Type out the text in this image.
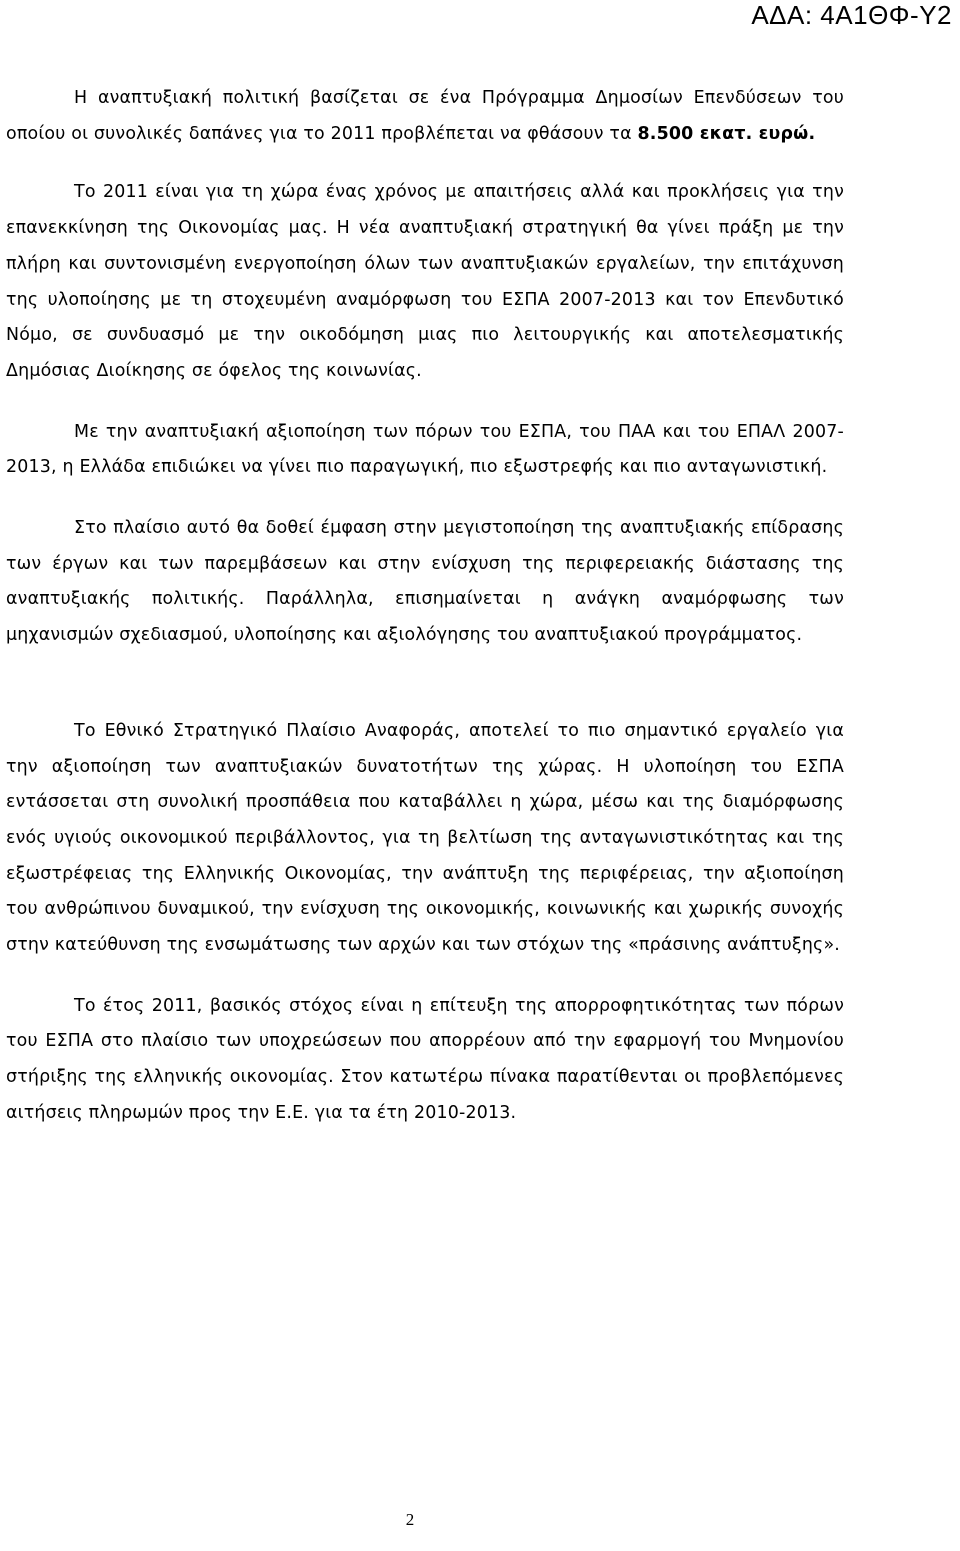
ΑΔΑ: 4Α1ΘΦ-Υ2

Η αναπτυξιακή πολιτική βασίζεται σε ένα Πρόγραμμα Δημοσίων Επενδύσεων του οποίου οι συνολικές δαπάνες για το 2011 προβλέπεται να φθάσουν τα 8.500 εκατ. ευρώ.

Το 2011 είναι για τη χώρα ένας χρόνος με απαιτήσεις αλλά και προκλήσεις για την επανεκκίνηση της Οικονομίας μας. Η νέα αναπτυξιακή στρατηγική θα γίνει πράξη με την πλήρη και συντονισμένη ενεργοποίηση όλων των αναπτυξιακών εργαλείων, την επιτάχυνση της υλοποίησης με τη στοχευμένη αναμόρφωση του ΕΣΠΑ 2007-2013 και τον Επενδυτικό Νόμο, σε συνδυασμό με την οικοδόμηση μιας πιο λειτουργικής και αποτελεσματικής Δημόσιας Διοίκησης σε όφελος της κοινωνίας.

Με την αναπτυξιακή αξιοποίηση των πόρων του ΕΣΠΑ, του ΠΑΑ και του ΕΠΑΛ 2007-2013, η Ελλάδα επιδιώκει να γίνει πιο παραγωγική, πιο εξωστρεφής και πιο ανταγωνιστική.

Στο πλαίσιο αυτό θα δοθεί έμφαση στην μεγιστοποίηση της αναπτυξιακής επίδρασης των έργων και των παρεμβάσεων και στην ενίσχυση της περιφερειακής διάστασης της αναπτυξιακής πολιτικής. Παράλληλα, επισημαίνεται η ανάγκη αναμόρφωσης των μηχανισμών σχεδιασμού, υλοποίησης και αξιολόγησης του αναπτυξιακού προγράμματος.

Το Εθνικό Στρατηγικό Πλαίσιο Αναφοράς, αποτελεί το πιο σημαντικό εργαλείο για την αξιοποίηση των αναπτυξιακών δυνατοτήτων της χώρας. Η υλοποίηση του ΕΣΠΑ εντάσσεται στη συνολική προσπάθεια που καταβάλλει η χώρα, μέσω και της διαμόρφωσης ενός υγιούς οικονομικού περιβάλλοντος, για τη βελτίωση της ανταγωνιστικότητας και της εξωστρέφειας της Ελληνικής Οικονομίας, την ανάπτυξη της περιφέρειας, την αξιοποίηση του ανθρώπινου δυναμικού, την ενίσχυση της οικονομικής, κοινωνικής και χωρικής συνοχής στην κατεύθυνση της ενσωμάτωσης των αρχών και των στόχων της «πράσινης ανάπτυξης».

Το έτος 2011, βασικός στόχος είναι η επίτευξη της απορροφητικότητας των πόρων του ΕΣΠΑ στο πλαίσιο των υποχρεώσεων που απορρέουν από την εφαρμογή του Μνημονίου στήριξης της ελληνικής οικονομίας. Στον κατωτέρω πίνακα παρατίθενται οι προβλεπόμενες αιτήσεις πληρωμών προς την Ε.Ε. για τα έτη 2010-2013.

2
